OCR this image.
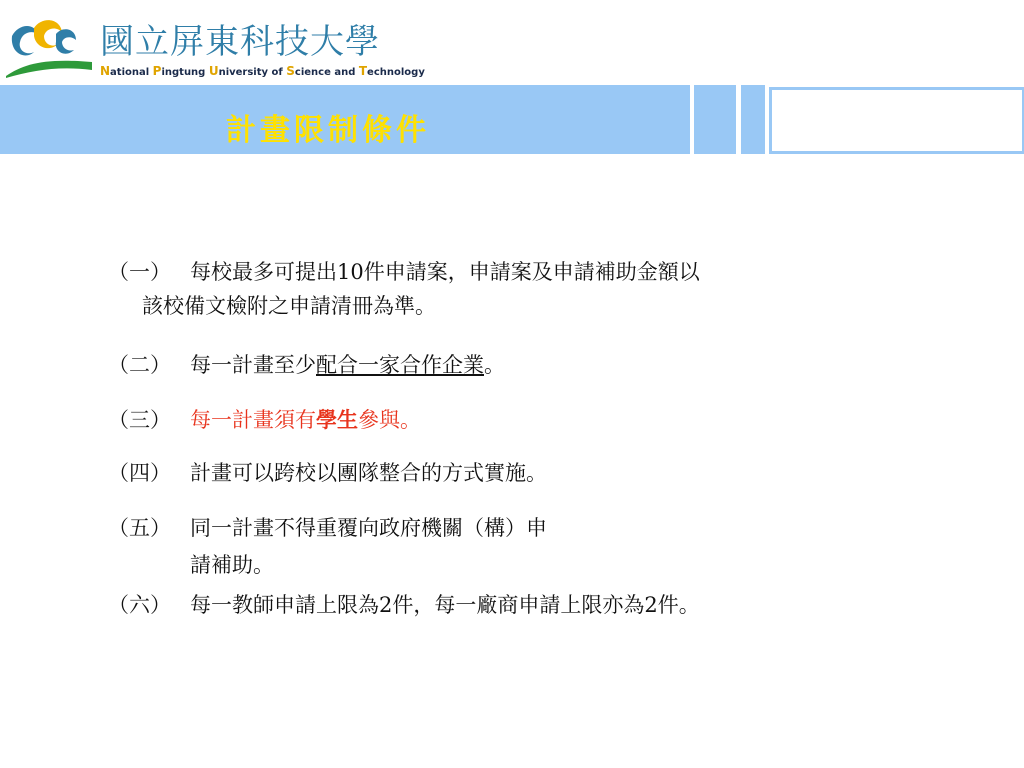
國立屏東科技大學
National Pingtung University of Science and Technology
計畫限制條件
（一） 每校最多可提出10件申請案，申請案及申請補助金額以
該校備文檢附之申請清冊為準。
（二） 每一計畫至少配合一家合作企業。
（三） 每一計畫須有學生參與。
（四） 計畫可以跨校以團隊整合的方式實施。
（五） 同一計畫不得重覆向政府機關（構）申
請補助。
（六） 每一教師申請上限為2件，每一廠商申請上限亦為2件。
